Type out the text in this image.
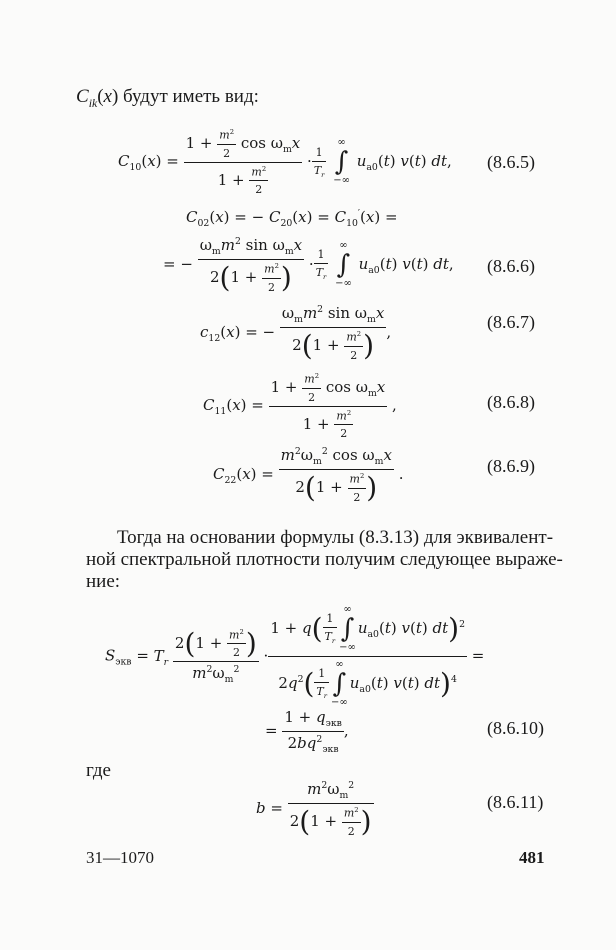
$C_{ik}(x)$ будут иметь вид:
$C_{10}(x) = \frac{1 + \frac{m^2}{2} \cos \omega_mx}{1 + \frac{m^2}{2}} \cdot \frac{1}{T_r}$
∞
∫
−∞ $u_{a0}(t)$ v(t) dt, (8.6.5)
$C_{02}(x)$ = − $C_{20}(x) = C_{10}'(x)$ =
= − $\frac{\omega_mm^2 \sin \omega_mx}{2(1 + \frac{m^2}{2} )} \cdot \frac{1}{T_r}$
∞
∫
−∞ $u_{a0}(t)$ v(t) dt, (8.6.6)
$c_{12}(x)$ = − $\frac{\omega_mm^2 \sin \omega_mx}{2(1 + \frac{m^2}{2} )}$ ,	(8.6.7)
$C_{11}(x) = \frac{1 + \frac{m^2}{2} \cos \omega_mx}{1 + \frac{m^2}{2}}$ ,	(8.6.8)
$C_{22}(x) = \frac{m^2\omega_m^2 \cos \omega_mx}{2(1 + \frac{m^2}{2} )}$ .	(8.6.9)
Тогда на основании формулы (8.3.13) для эквивалент-
ной спектральной плотности получим следующее выраже-
ние:
$S_{экв} = T_r \frac{2(1 + \frac{m^2}{2} )}{m^2\omega_m^2} \cdot 1 + q( \frac{1}{T_r}$
∞
∫
$-\infty u_{a0}(t)$ v(t) dt)$^2$
$2q^2( \frac{1}{T_r}$
∞
∫
$-\infty u_{a0}(t)$ v(t) dt)$^4$ =
= $\frac{1 + q_{экв}}{2bq^2_{экв}}$ ,	(8.6.10)
где
$b = \frac{m^2\omega_m^2}{2(1 + \frac{m^2}{2} )}$	(8.6.11)
31—1070	481
